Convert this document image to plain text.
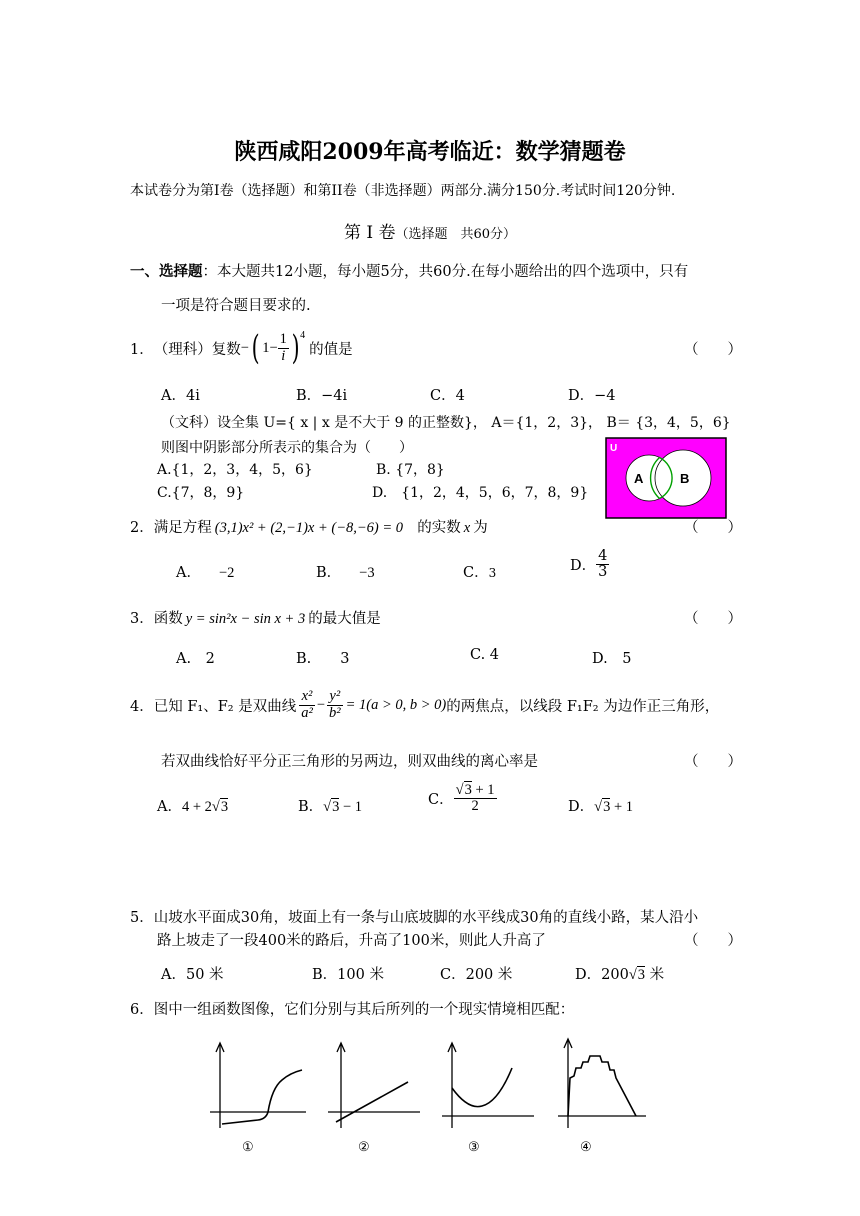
陕西咸阳2009年高考临近：数学猜题卷
本试卷分为第I卷（选择题）和第II卷（非选择题）两部分.满分150分.考试时间120分钟.
第 I 卷（选择题　共60分）
一、选择题：本大题共12小题，每小题5分，共60分.在每小题给出的四个选项中，只有
一项是符合题目要求的.
1． （理科）复数 − ( $1- \frac{1}{i}$ ) 4
的值是	（　　）
A．4i	B．−4i	C．4	D．−4
（文科）设全集 U={ x | x 是不大于 9 的正整数}， A＝{1，2，3}， B＝ {3，4，5，6}
则图中阴影部分所表示的集合为（　　）
A.{1，2，3，4，5，6}	B. {7，8}
C.{7，8，9}	D.　{1，2，4，5，6，7，8，9}
U
A	B
2．满足方程 (3,1)x² + (2,−1)x + (−8,−6) = 0⃗ 的实数 x 为	（　　）
A． −2	B． −3	C．3	D． $\frac{4}{3}$
3．函数 y = sin²x − sin x + 3 的最大值是	（　　）
A.　2	B.　　3	C. 4	D.　5
4． 已知 F₁、F₂ 是双曲线 $\frac{\text{x²}}{\text{a²}} - \frac{\text{y²}}{\text{b²}} = 1(a > 0$, b > 0) 的两焦点，以线段 F₁F₂ 为边作正三角形，
若双曲线恰好平分正三角形的另两边，则双曲线的离心率是	（　　）
A．4 + 2√3	B．√3 − 1	C． $\frac{√3 + 1}{2}$	D．√3 + 1
5．山坡水平面成30角，坡面上有一条与山底坡脚的水平线成30角的直线小路，某人沿小
路上坡走了一段400米的路后，升高了100米，则此人升高了	（　　）
A．50 米	B．100 米	C．200 米	D．200√3 米
6．图中一组函数图像，它们分别与其后所列的一个现实情境相匹配：
①	②	③	④
